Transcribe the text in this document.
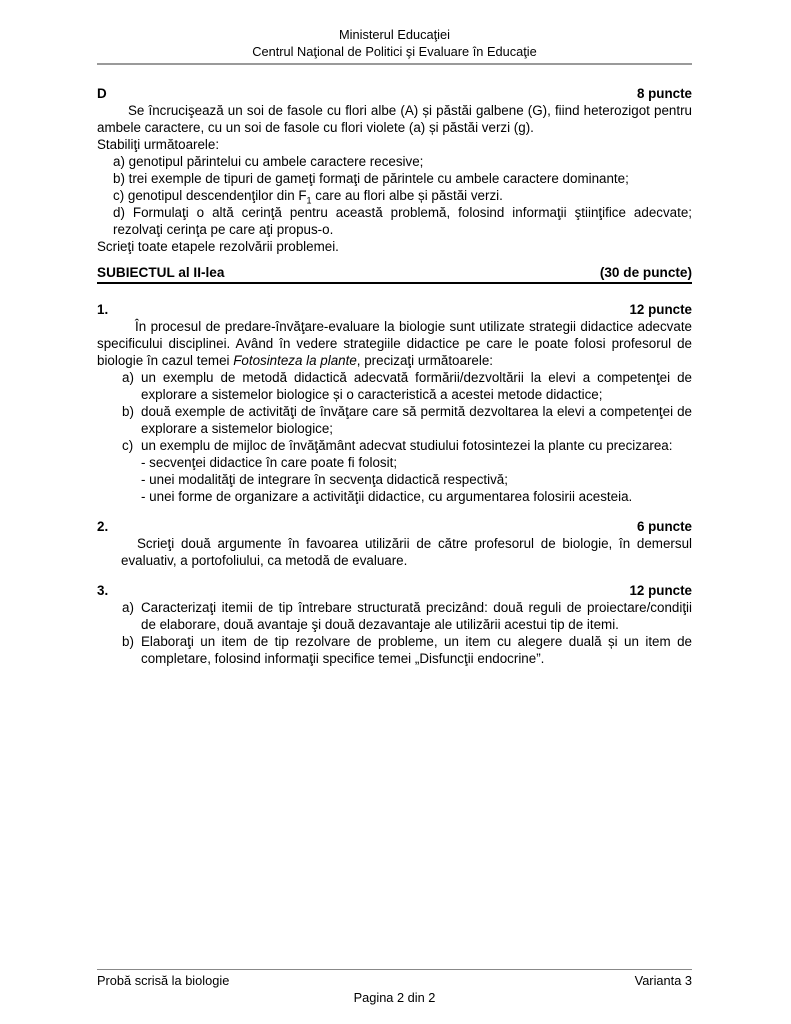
Ministerul Educaţiei
Centrul Naţional de Politici şi Evaluare în Educaţie
D	8 puncte

Se încrucişează un soi de fasole cu flori albe (A) și păstăi galbene (G), fiind heterozigot pentru ambele caractere, cu un soi de fasole cu flori violete (a) și păstăi verzi (g).

Stabiliţi următoarele:
a) genotipul părintelui cu ambele caractere recesive;
b) trei exemple de tipuri de gameţi formaţi de părintele cu ambele caractere dominante;
c) genotipul descendenţilor din $F_1$ care au flori albe și păstăi verzi.
d) Formulaţi o altă cerinţă pentru această problemă, folosind informaţii ştiinţifice adecvate; rezolvaţi cerinţa pe care aţi propus-o.
Scrieţi toate etapele rezolvării problemei.
SUBIECTUL al II-lea	(30 de puncte)
1.	12 puncte

În procesul de predare-învăţare-evaluare la biologie sunt utilizate strategii didactice adecvate specificului disciplinei. Având în vedere strategiile didactice pe care le poate folosi profesorul de biologie în cazul temei Fotosinteza la plante, precizaţi următoarele:

a) un exemplu de metodă didactică adecvată formării/dezvoltării la elevi a competenţei de explorare a sistemelor biologice și o caracteristică a acestei metode didactice;
b) două exemple de activităţi de învăţare care să permită dezvoltarea la elevi a competenţei de explorare a sistemelor biologice;
c) un exemplu de mijloc de învăţământ adecvat studiului fotosintezei la plante cu precizarea:
- secvenţei didactice în care poate fi folosit;
- unei modalităţi de integrare în secvenţa didactică respectivă;
- unei forme de organizare a activităţii didactice, cu argumentarea folosirii acesteia.
2.	6 puncte

Scrieţi două argumente în favoarea utilizării de către profesorul de biologie, în demersul evaluativ, a portofoliului, ca metodă de evaluare.

3.	12 puncte
a) Caracterizaţi itemii de tip întrebare structurată precizând: două reguli de proiectare/condiţii de elaborare, două avantaje şi două dezavantaje ale utilizării acestui tip de itemi.
b) Elaboraţi un item de tip rezolvare de probleme, un item cu alegere duală și un item de completare, folosind informaţii specifice temei „Disfuncţii endocrine”.
Probă scrisă la biologie	Varianta 3
Pagina 2 din 2
